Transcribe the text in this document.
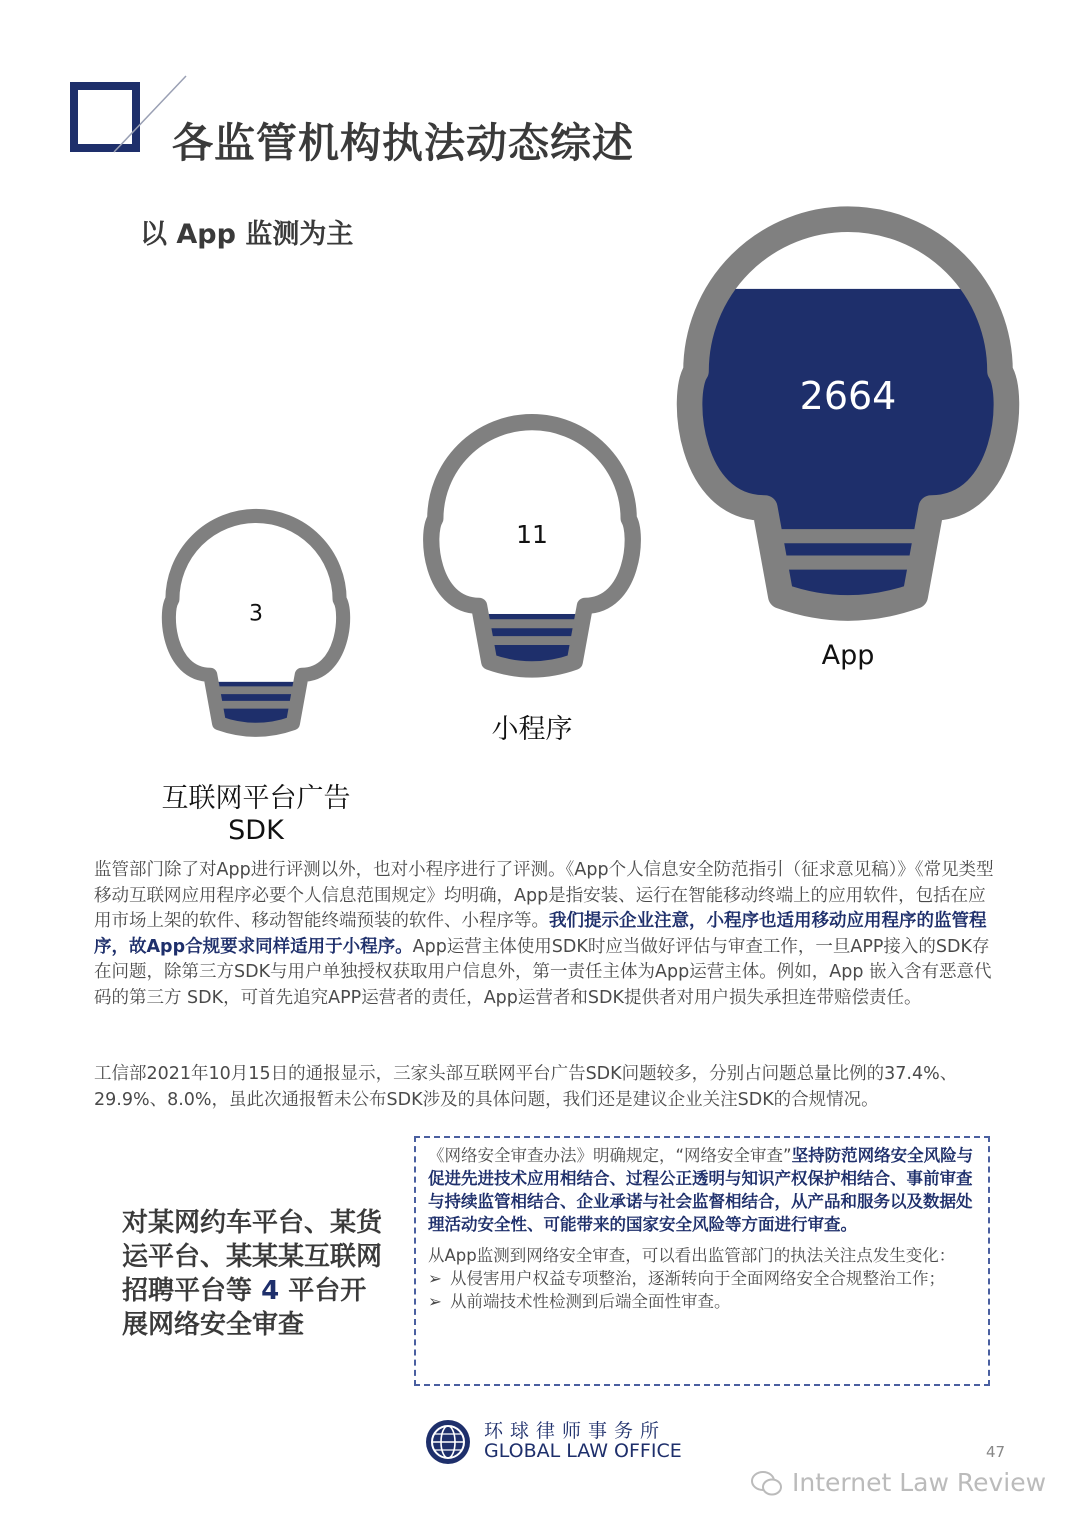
各监管机构执法动态综述
以 App 监测为主
3
互联网平台广告
SDK
11
小程序
2664
App

监管部门除了对App进行评测以外，也对小程序进行了评测。《App个人信息安全防范指引（征求意见稿）》《常见类型移动互联网应用程序必要个人信息范围规定》均明确，App是指安装、运行在智能移动终端上的应用软件，包括在应用市场上架的软件、移动智能终端预装的软件、小程序等。我们提示企业注意，小程序也适用移动应用程序的监管程序，故App合规要求同样适用于小程序。App运营主体使用SDK时应当做好评估与审查工作，一旦APP接入的SDK存在问题，除第三方SDK与用户单独授权获取用户信息外，第一责任主体为App运营主体。例如，App 嵌入含有恶意代码的第三方 SDK，可首先追究APP运营者的责任，App运营者和SDK提供者对用户损失承担连带赔偿责任。

工信部2021年10月15日的通报显示，三家头部互联网平台广告SDK问题较多，分别占问题总量比例的37.4%、29.9%、8.0%，虽此次通报暂未公布SDK涉及的具体问题，我们还是建议企业关注SDK的合规情况。

对某网约车平台、某货运平台、某某某互联网招聘平台等 4 平台开展网络安全审查
《网络安全审查办法》明确规定，“网络安全审查”坚持防范网络安全风险与促进先进技术应用相结合、过程公正透明与知识产权保护相结合、事前审查与持续监管相结合、企业承诺与社会监督相结合，从产品和服务以及数据处理活动安全性、可能带来的国家安全风险等方面进行审查。
从App监测到网络安全审查，可以看出监管部门的执法关注点发生变化：
➢ 从侵害用户权益专项整治，逐渐转向于全面网络安全合规整治工作；
➢ 从前端技术性检测到后端全面性审查。
环球律师事务所
GLOBAL LAW OFFICE	47
Internet Law Review
